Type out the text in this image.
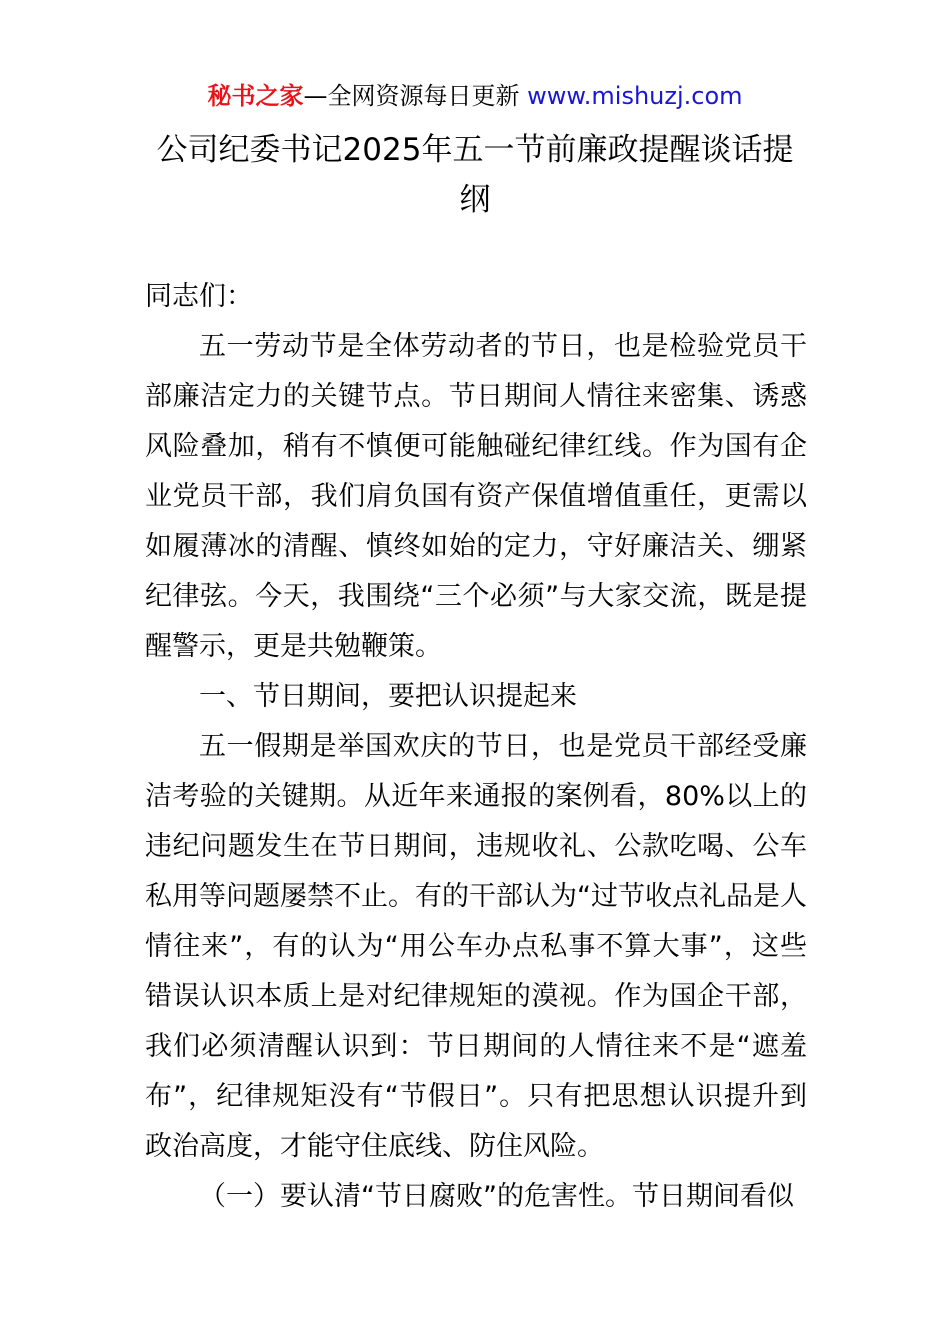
秘书之家—全网资源每日更新 www.mishuzj.com
公司纪委书记2025年五一节前廉政提醒谈话提纲

同志们：

五一劳动节是全体劳动者的节日，也是检验党员干部廉洁定力的关键节点。节日期间人情往来密集、诱惑风险叠加，稍有不慎便可能触碰纪律红线。作为国有企业党员干部，我们肩负国有资产保值增值重任，更需以如履薄冰的清醒、慎终如始的定力，守好廉洁关、绷紧纪律弦。今天，我围绕“三个必须”与大家交流，既是提醒警示，更是共勉鞭策。

一、节日期间，要把认识提起来

五一假期是举国欢庆的节日，也是党员干部经受廉洁考验的关键期。从近年来通报的案例看，80%以上的违纪问题发生在节日期间，违规收礼、公款吃喝、公车私用等问题屡禁不止。有的干部认为“过节收点礼品是人情往来”，有的认为“用公车办点私事不算大事”，这些错误认识本质上是对纪律规矩的漠视。作为国企干部，我们必须清醒认识到：节日期间的人情往来不是“遮羞布”，纪律规矩没有“节假日”。只有把思想认识提升到政治高度，才能守住底线、防住风险。

（一）要认清“节日腐败”的危害性。节日期间看似
